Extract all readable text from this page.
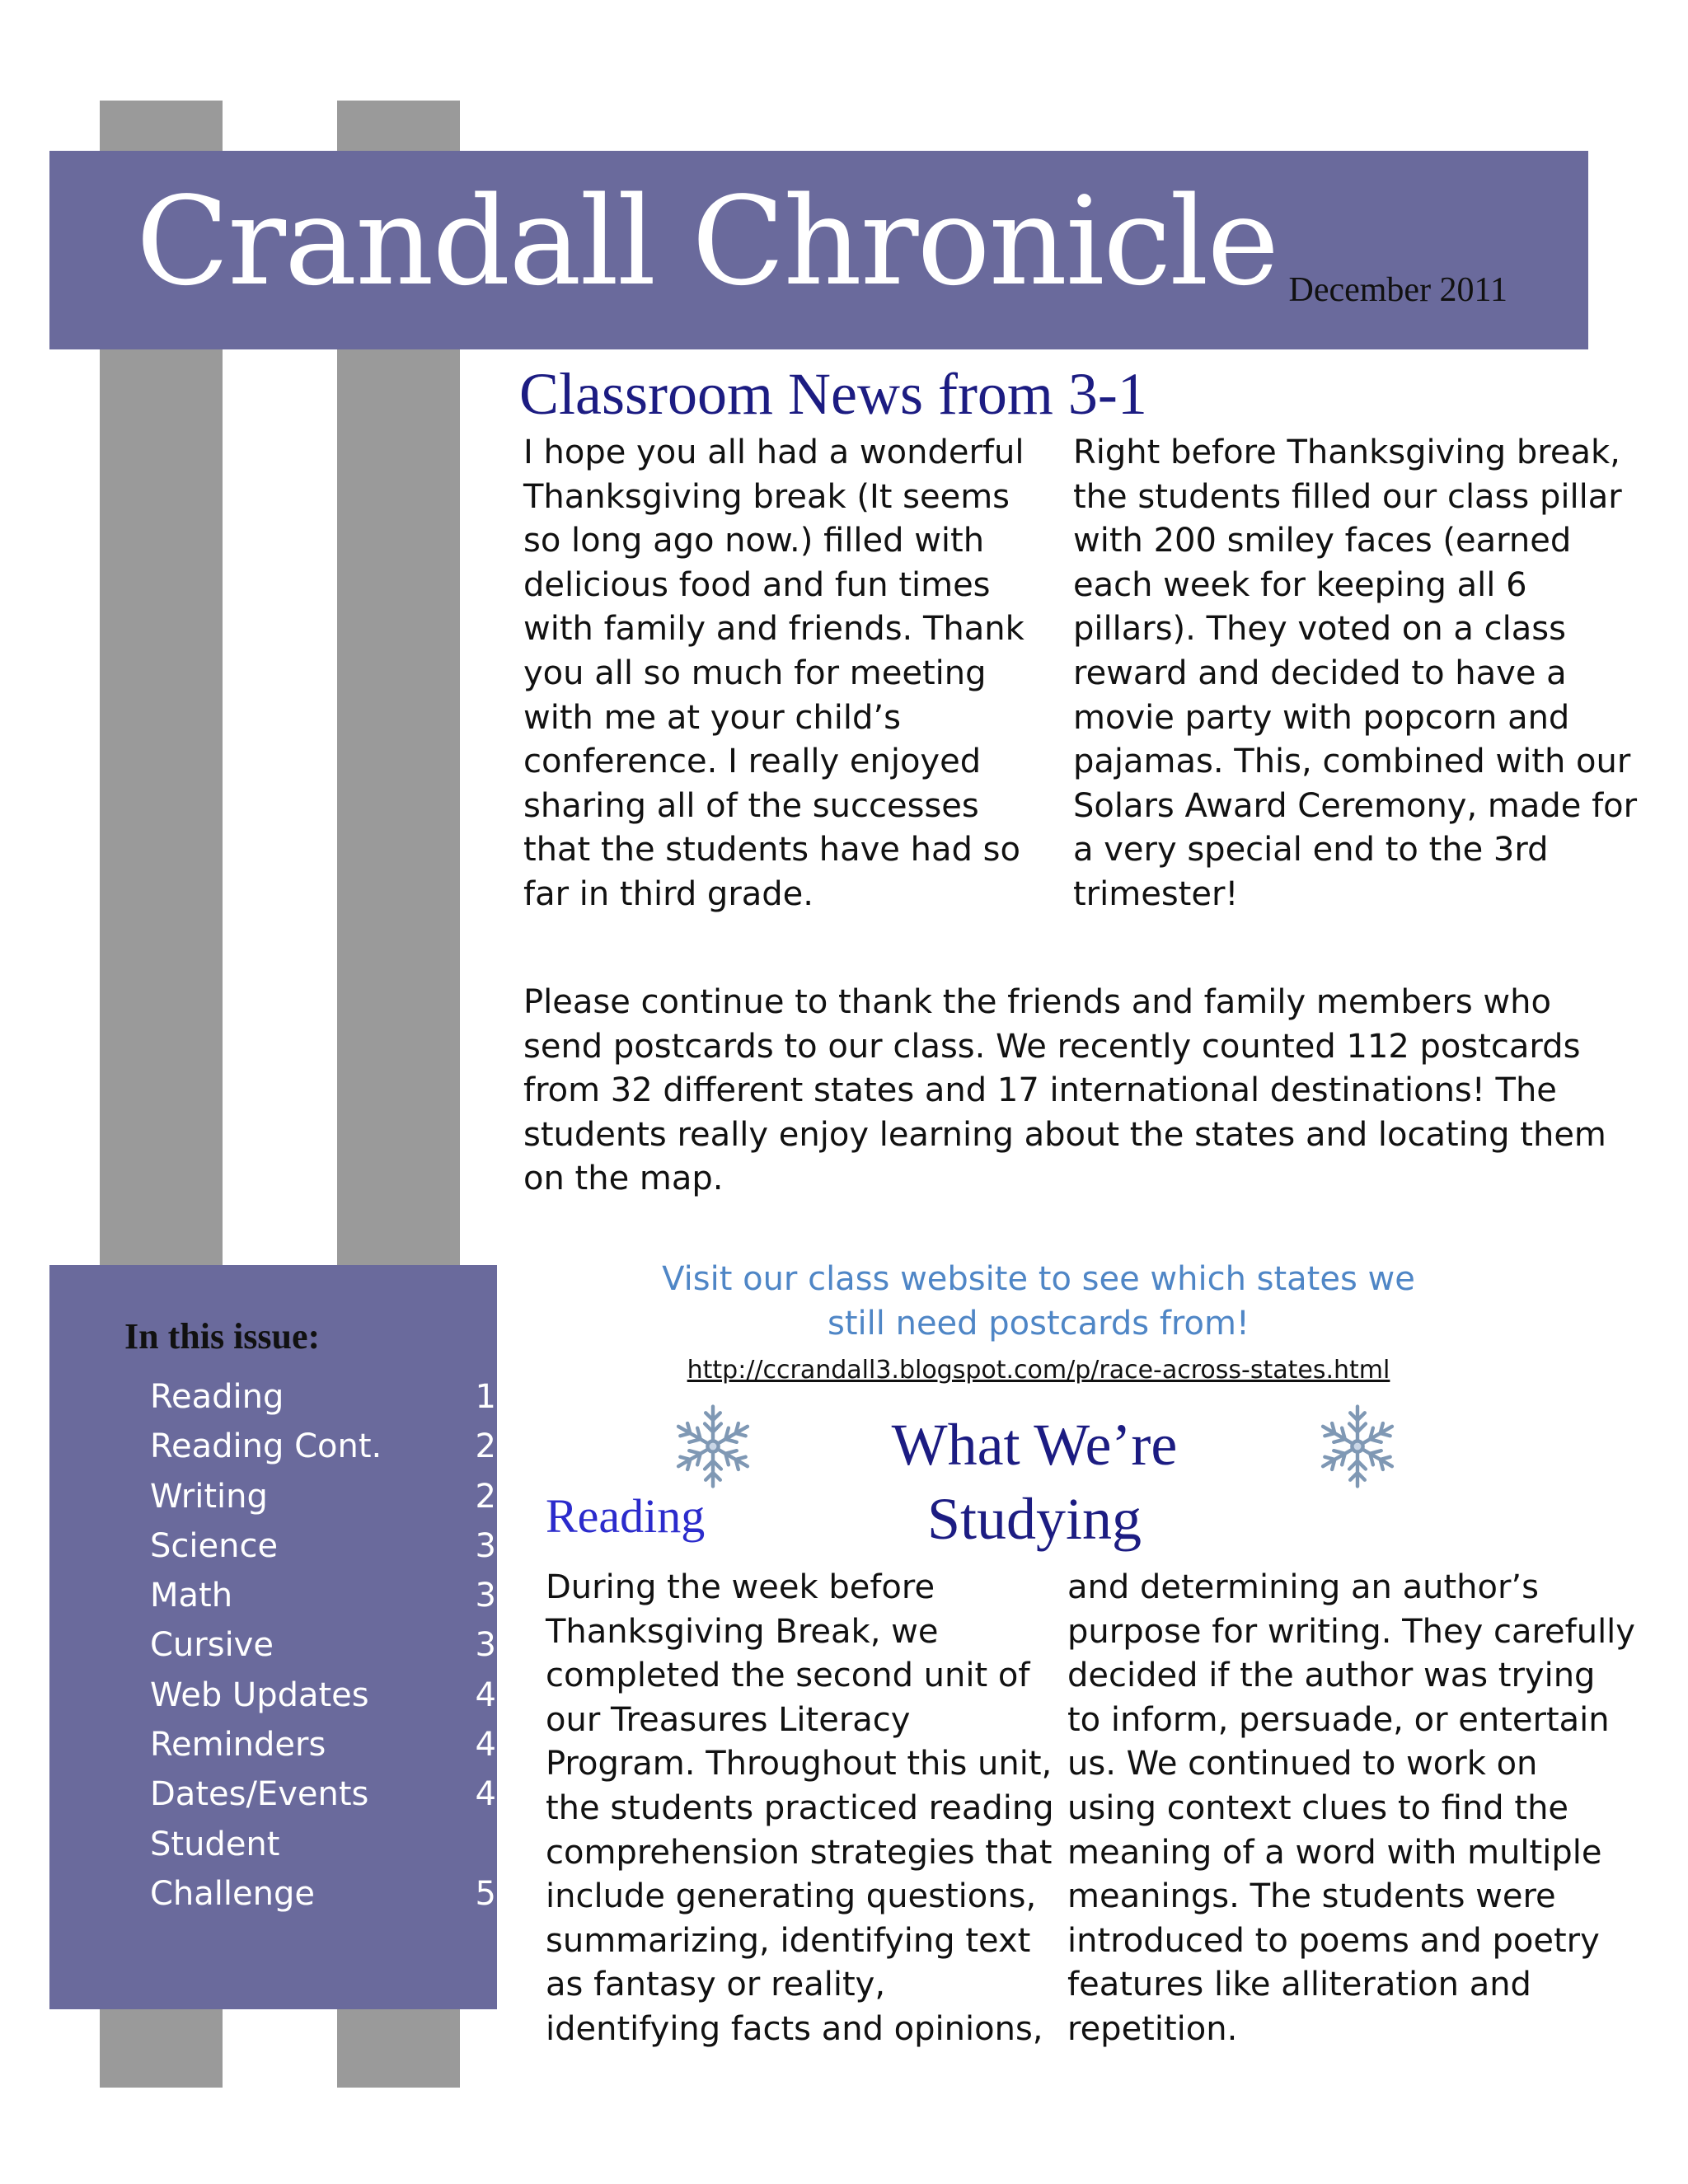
Crandall Chronicle December 2011
Classroom News from 3-1

I hope you all had a wonderful Thanksgiving break (It seems so long ago now.) filled with delicious food and fun times with family and friends. Thank you all so much for meeting with me at your child’s conference. I really enjoyed sharing all of the successes that the students have had so far in third grade.

Right before Thanksgiving break, the students filled our class pillar with 200 smiley faces (earned each week for keeping all 6 pillars). They voted on a class reward and decided to have a movie party with popcorn and pajamas. This, combined with our Solars Award Ceremony, made for a very special end to the 3rd trimester!

Please continue to thank the friends and family members who send postcards to our class. We recently counted 112 postcards from 32 different states and 17 international destinations! The students really enjoy learning about the states and locating them on the map.

Visit our class website to see which states we still need postcards from!
http://ccrandall3.blogspot.com/p/race-across-states.html
What We’re Studying
Reading

During the week before Thanksgiving Break, we completed the second unit of our Treasures Literacy Program. Throughout this unit, the students practiced reading comprehension strategies that include generating questions, summarizing, identifying text as fantasy or reality, identifying facts and opinions,

and determining an author’s purpose for writing. They carefully decided if the author was trying to inform, persuade, or entertain us. We continued to work on using context clues to find the meaning of a word with multiple meanings. The students were introduced to poems and poetry features like alliteration and repetition.

In this issue:
Reading	1
Reading Cont.	2
Writing	2
Science	3
Math	3
Cursive	3
Web Updates	4
Reminders	4
Dates/Events	4
Student Challenge	5
